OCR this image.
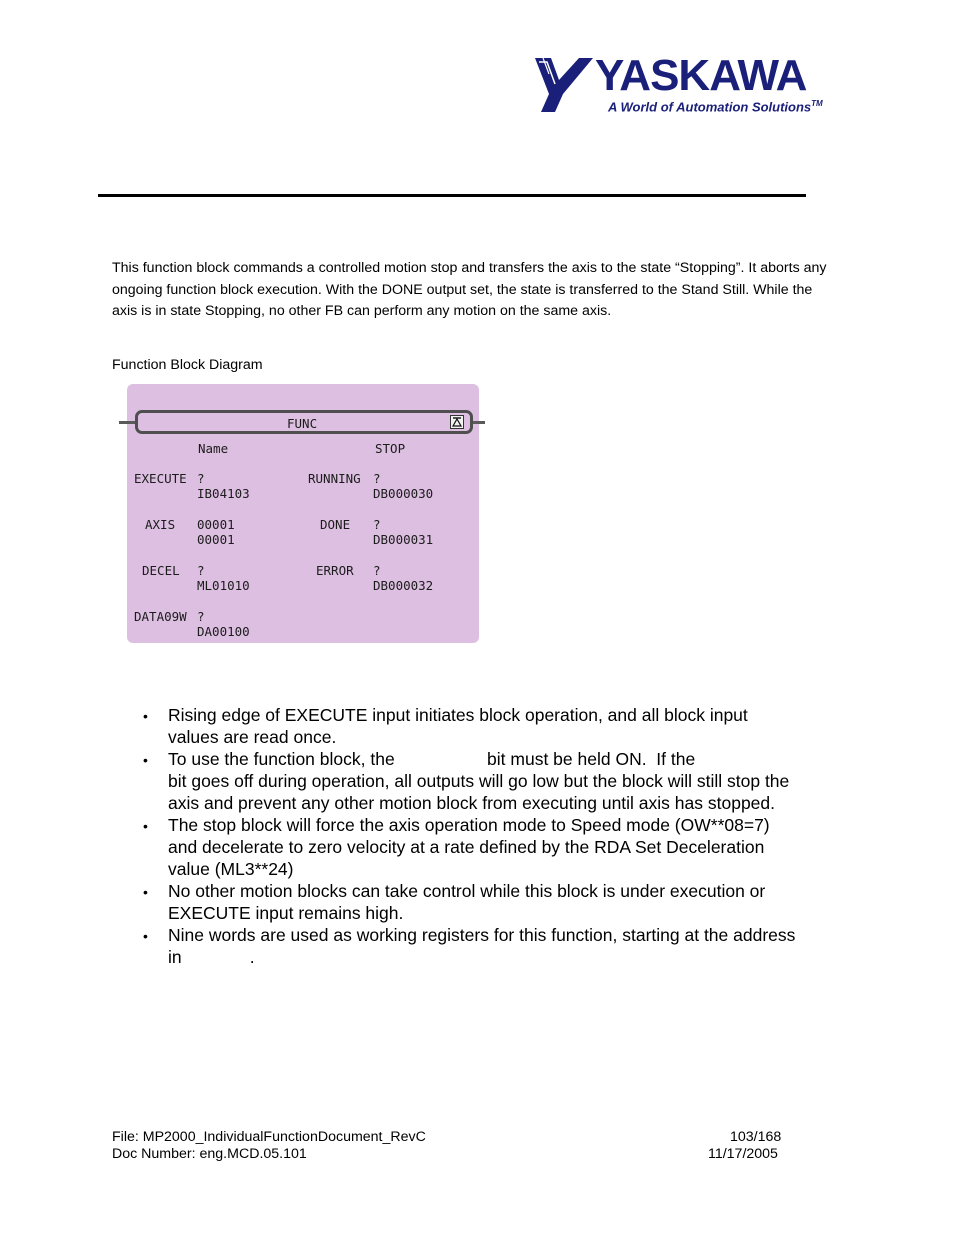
YASKAWA
A World of Automation Solutions™
This function block commands a controlled motion stop and transfers the axis to the state “Stopping”. It aborts any ongoing function block execution. With the DONE output set, the state is transferred to the Stand Still. While the axis is in state Stopping, no other FB can perform any motion on the same axis.
Function Block Diagram
FUNC
Name	STOP
EXECUTE ?
IB04103
AXIS 00001
00001
DECEL ?
ML01010
DATA09W ?
DA00100
RUNNING ?
DB000030
DONE ?
DB000031
ERROR ?
DB000032
• Rising edge of EXECUTE input initiates block operation, and all block input
values are read once.
• To use the function block, the                   bit must be held ON.  If the
bit goes off during operation, all outputs will go low but the block will still stop the
axis and prevent any other motion block from executing until axis has stopped.
• The stop block will force the axis operation mode to Speed mode (OW**08=7)
and decelerate to zero velocity at a rate defined by the RDA Set Deceleration
value (ML3**24)
• No other motion blocks can take control while this block is under execution or
EXECUTE input remains high.
• Nine words are used as working registers for this function, starting at the address
in              .
File: MP2000_IndividualFunctionDocument_RevC
Doc Number: eng.MCD.05.101
103/168
11/17/2005
